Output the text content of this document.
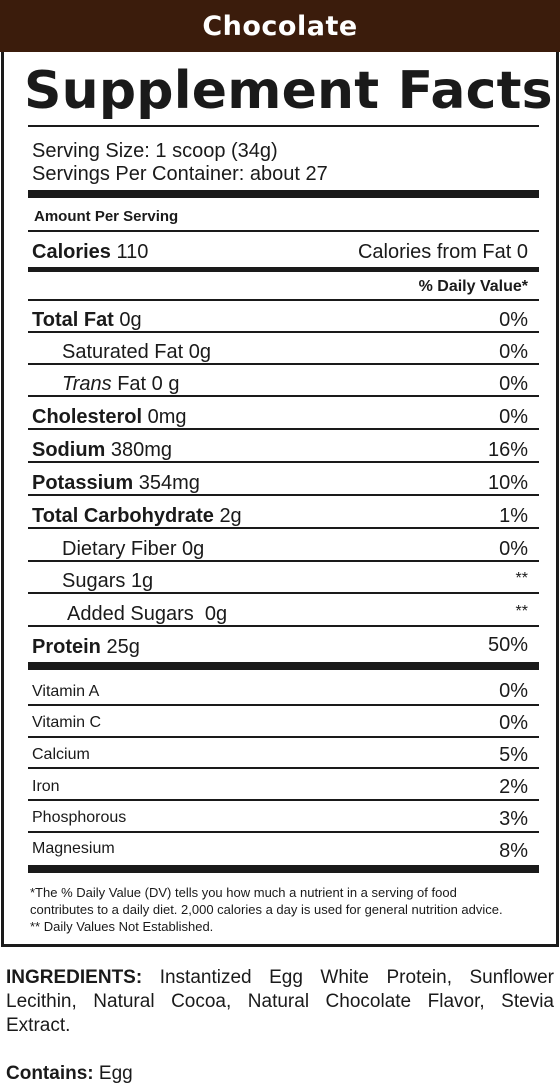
Chocolate
Supplement Facts
Serving Size: 1 scoop (34g)
Servings Per Container: about 27
Amount Per Serving
Calories 110	Calories from Fat 0
% Daily Value*
Total Fat 0g	0%
Saturated Fat 0g	0%
Trans Fat 0 g	0%
Cholesterol 0mg	0%
Sodium 380mg	16%
Potassium 354mg	10%
Total Carbohydrate 2g	1%
Dietary Fiber 0g	0%
Sugars 1g	**
Added Sugars 0g	**
Protein 25g	50%
Vitamin A	0%
Vitamin C	0%
Calcium	5%
Iron	2%
Phosphorous	3%
Magnesium	8%
*The % Daily Value (DV) tells you how much a nutrient in a serving of food
contributes to a daily diet. 2,000 calories a day is used for general nutrition advice.
** Daily Values Not Established.
INGREDIENTS: Instantized Egg White Protein, Sunflower Lecithin, Natural Cocoa, Natural Chocolate Flavor, Stevia Extract.
Contains: Egg
